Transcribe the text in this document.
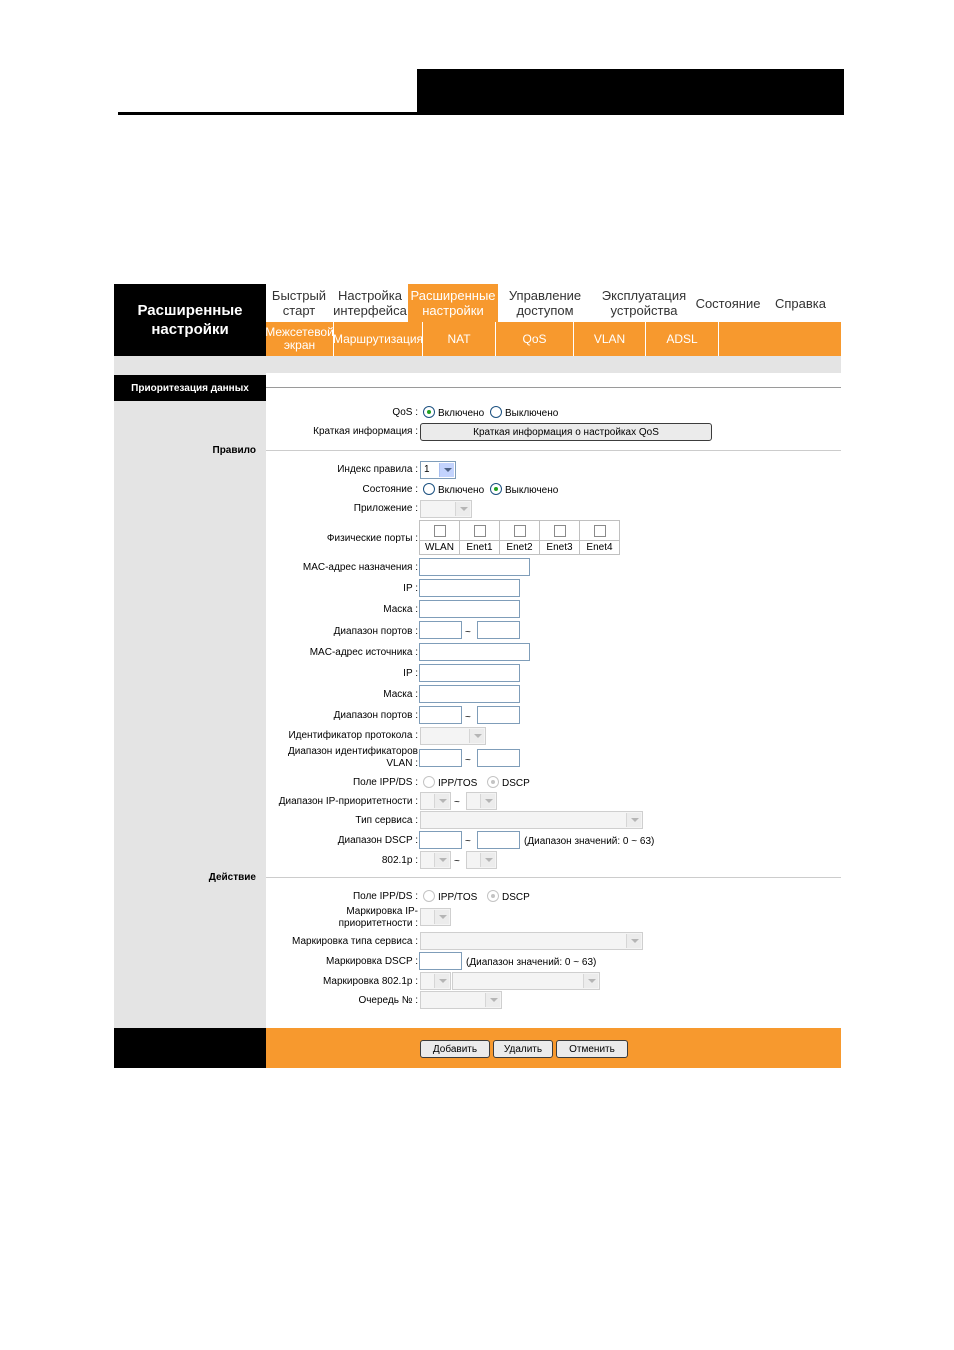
Расширенные настройки
Быстрый старт
Настройка интерфейса
Расширенные настройки
Управление доступом
Эксплуатация устройства	Состояние	Справка
Межсетевой экран	Маршрутизация	NAT	QoS	VLAN	ADSL
Приоритезация данных
QoS : Включено Выключено
Краткая информация :	Краткая информация о настройках QoS
Правило
Индекс правила : 1
Состояние : Включено Выключено
Приложение :
Физические порты :

WLAN	Enet1	Enet2	Enet3	Enet4
MAC-адрес назначения :
IP :
Маска :
Диапазон портов :	~
MAC-адрес источника :
IP :
Маска :
Диапазон портов :	~
Идентификатор протокола :
Диапазон идентификаторов VLAN :	~
Поле IPP/DS : IPP/TOS DSCP
Диапазон IP-приоритетности :	~
Тип сервиса :
Диапазон DSCP :	~	(Диапазон значений: 0 ~ 63)
802.1p :	~
Действие
Поле IPP/DS : IPP/TOS DSCP
Маркировка IP-приоритетности :
Маркировка типа сервиса :
Маркировка DSCP :	(Диапазон значений: 0 ~ 63)
Маркировка 802.1p :
Очередь № :
Добавить	Удалить	Отменить
